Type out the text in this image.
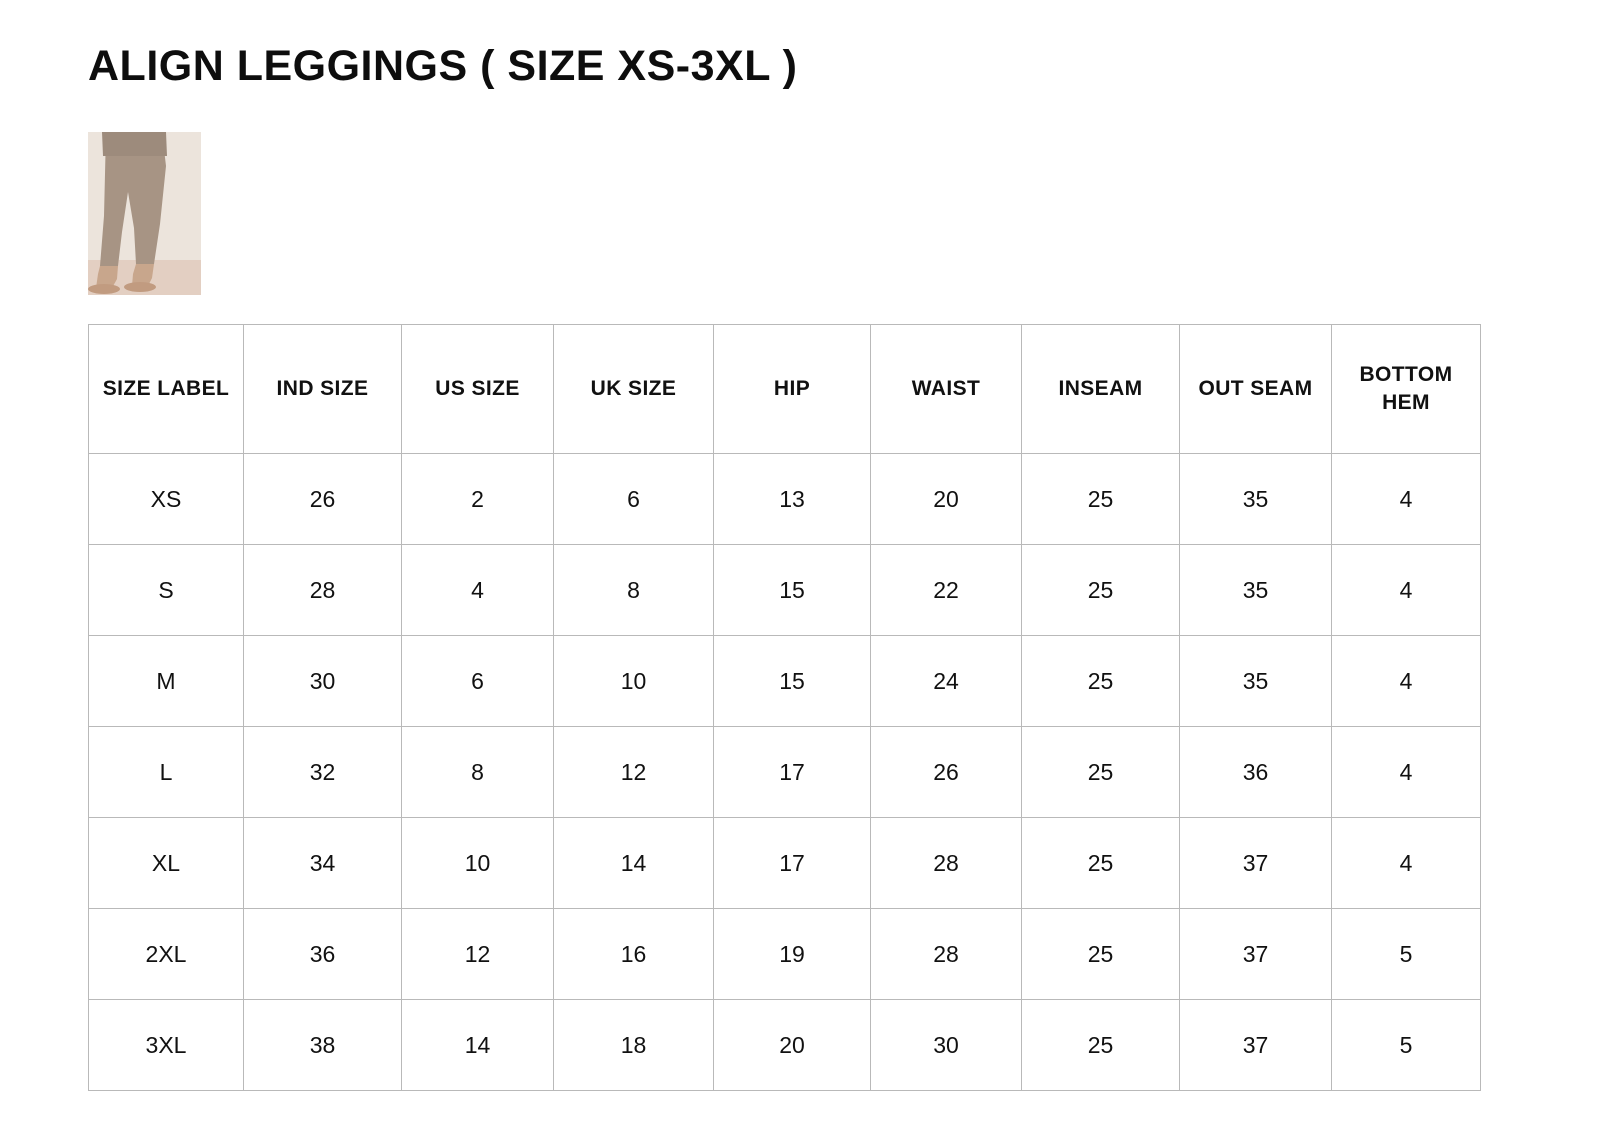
ALIGN LEGGINGS ( SIZE XS-3XL )
SIZE LABEL	IND SIZE	US SIZE	UK SIZE	HIP	WAIST	INSEAM	OUT SEAM	BOTTOM HEM
XS	26	2	6	13	20	25	35	4
S	28	4	8	15	22	25	35	4
M	30	6	10	15	24	25	35	4
L	32	8	12	17	26	25	36	4
XL	34	10	14	17	28	25	37	4
2XL	36	12	16	19	28	25	37	5
3XL	38	14	18	20	30	25	37	5
